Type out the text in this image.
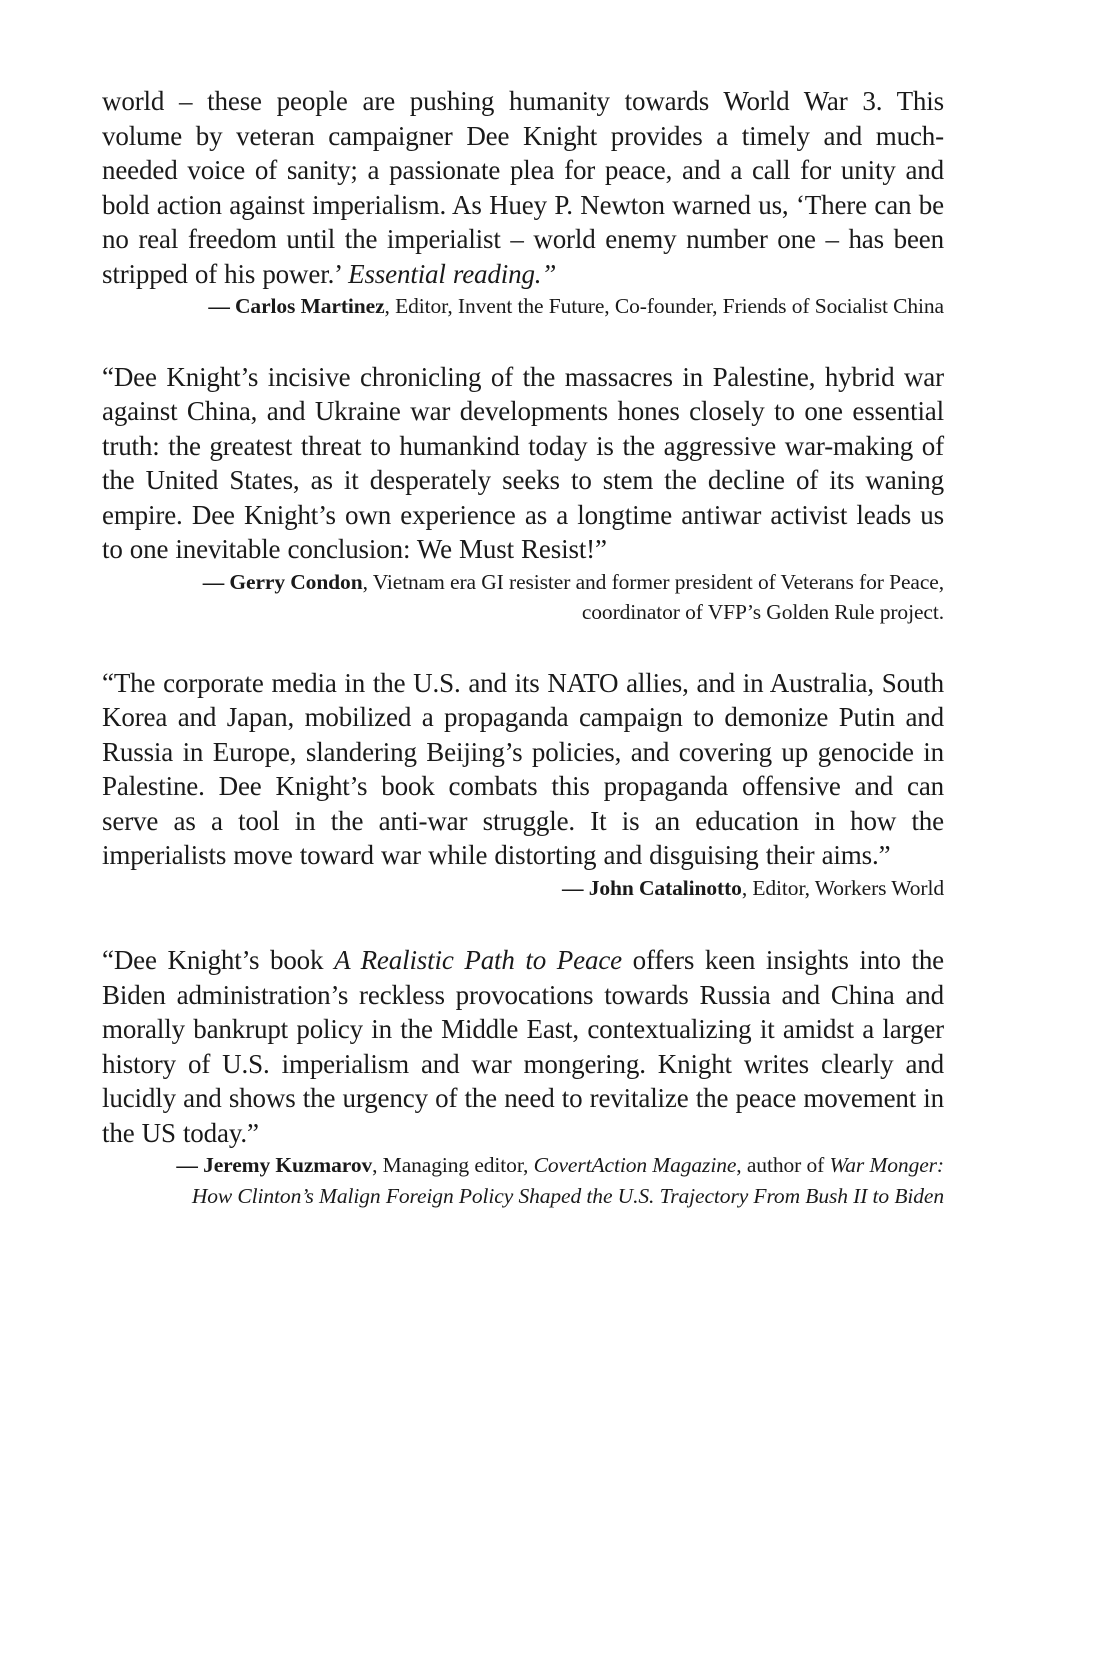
world – these people are pushing humanity towards World War 3. This volume by veteran campaigner Dee Knight provides a timely and much-needed voice of sanity; a passionate plea for peace, and a call for unity and bold action against imperialism. As Huey P. Newton warned us, ‘There can be no real freedom until the imperialist – world enemy number one – has been stripped of his power.’ Essential reading.”

— Carlos Martinez, Editor, Invent the Future, Co-founder, Friends of Socialist China

“Dee Knight’s incisive chronicling of the massacres in Palestine, hybrid war against China, and Ukraine war developments hones closely to one essential truth: the greatest threat to humankind today is the aggressive war-making of the United States, as it desperately seeks to stem the decline of its waning empire. Dee Knight’s own experience as a longtime antiwar activist leads us to one inevitable conclusion: We Must Resist!”

— Gerry Condon, Vietnam era GI resister and former president of Veterans for Peace, coordinator of VFP’s Golden Rule project.

“The corporate media in the U.S. and its NATO allies, and in Australia, South Korea and Japan, mobilized a propaganda campaign to demonize Putin and Russia in Europe, slandering Beijing’s policies, and covering up genocide in Palestine. Dee Knight’s book combats this propaganda offensive and can serve as a tool in the anti-war struggle. It is an education in how the imperialists move toward war while distorting and disguising their aims.”

— John Catalinotto, Editor, Workers World

“Dee Knight’s book A Realistic Path to Peace offers keen insights into the Biden administration’s reckless provocations towards Russia and China and morally bankrupt policy in the Middle East, contextualizing it amidst a larger history of U.S. imperialism and war mongering. Knight writes clearly and lucidly and shows the urgency of the need to revitalize the peace movement in the US today.”

— Jeremy Kuzmarov, Managing editor, CovertAction Magazine, author of War Monger: How Clinton’s Malign Foreign Policy Shaped the U.S. Trajectory From Bush II to Biden
